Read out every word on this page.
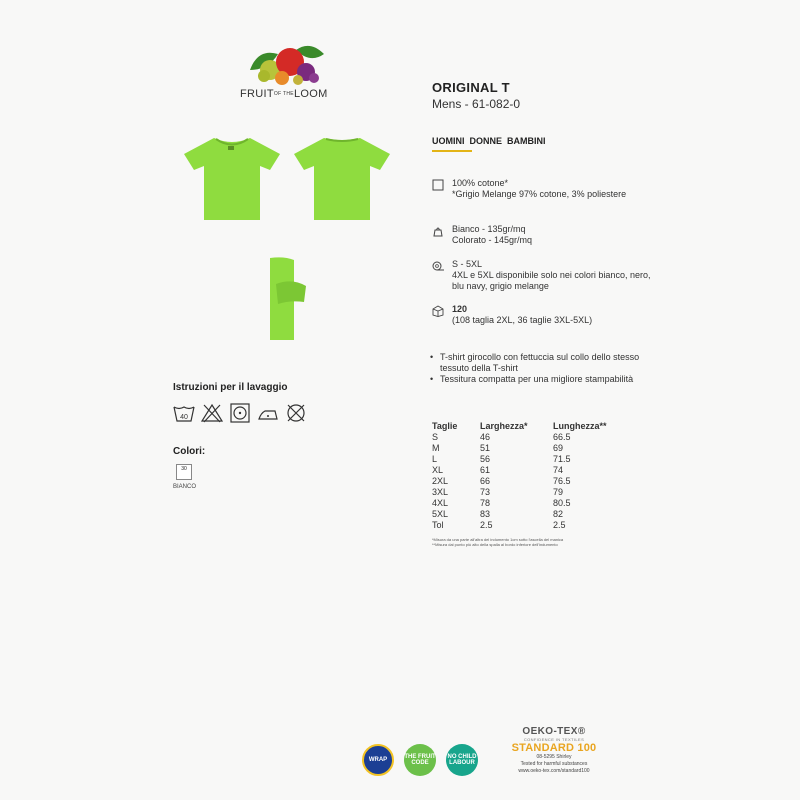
FRUITOF THELOOM
Istruzioni per il lavaggio
40
Colori:
30
BIANCO
ORIGINAL T
Mens - 61-082-0
UOMINI DONNE BAMBINI
100% cotone*
*Grigio Melange 97% cotone, 3% poliestere
Bianco - 135gr/mq
Colorato - 145gr/mq
S - 5XL
4XL e 5XL disponibile solo nei colori bianco, nero, blu navy, grigio melange
120
(108 taglia 2XL, 36 taglie 3XL-5XL)
• T-shirt girocollo con fettuccia sul collo dello stesso tessuto della T-shirt
• Tessitura compatta per una migliore stampabilità
Taglie	Larghezza*	Lunghezza**
S	46	66.5
M	51	69
L	56	71.5
XL	61	74
2XL	66	76.5
3XL	73	79
4XL	78	80.5
5XL	83	82
Tol	2.5	2.5
*Misura da una parte all'altra del indumento 1cm sotto l'ascella del manica
**Misura dal punto più alto della spalla al bordo inferiore dell'indumento
WRAP	THE FRUIT CODE
NO CHILD LABOUR
OEKO-TEX®
CONFIDENCE IN TEXTILES
STANDARD 100
08-5295 Shirley
Tested for harmful substances
www.oeko-tex.com/standard100
